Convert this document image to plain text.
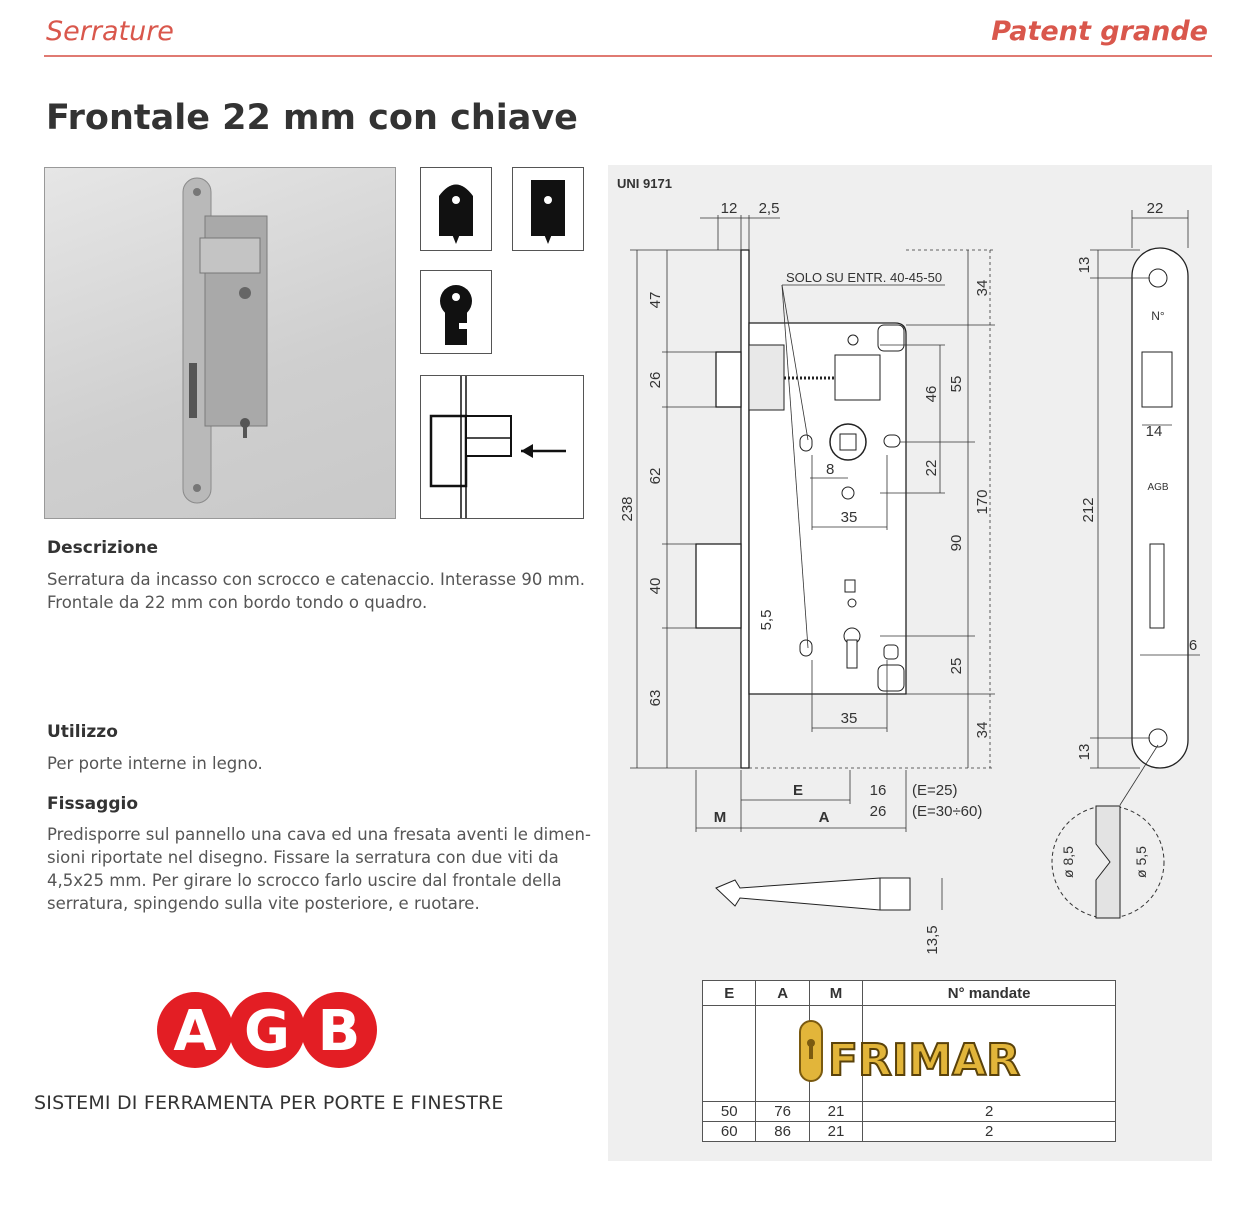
Serrature	Patent grande
Frontale 22 mm con chiave
Descrizione
Serratura da incasso con scrocco e catenaccio. Interasse 90 mm.
Frontale da 22 mm con bordo tondo o quadro.
Utilizzo
Per porte interne in legno.
Fissaggio
Predisporre sul pannello una cava ed una fresata aventi le dimen-
sioni riportate nel disegno. Fissare la serratura con due viti da
4,5x25 mm. Per girare lo scrocco farlo uscire dal frontale della
serratura, spingendo sulla vite posteriore, e ruotare.
A G B
SISTEMI DI FERRAMENTA PER PORTE E FINESTRE
UNI 9171
47
26
62
40
63
238
12 2,5
5,5
34
55
46
22
170
90
25
34
8
35
35
SOLO SU ENTR. 40-45-50
E
M	A
16
26
(E=25)
(E=30÷60)
13,5
N°
AGB
22
13
212
13
14
6
ø 8,5	ø 5,5
E	A	M	N° mandate

50	76	21	2
60	86	21	2
FRIMAR
